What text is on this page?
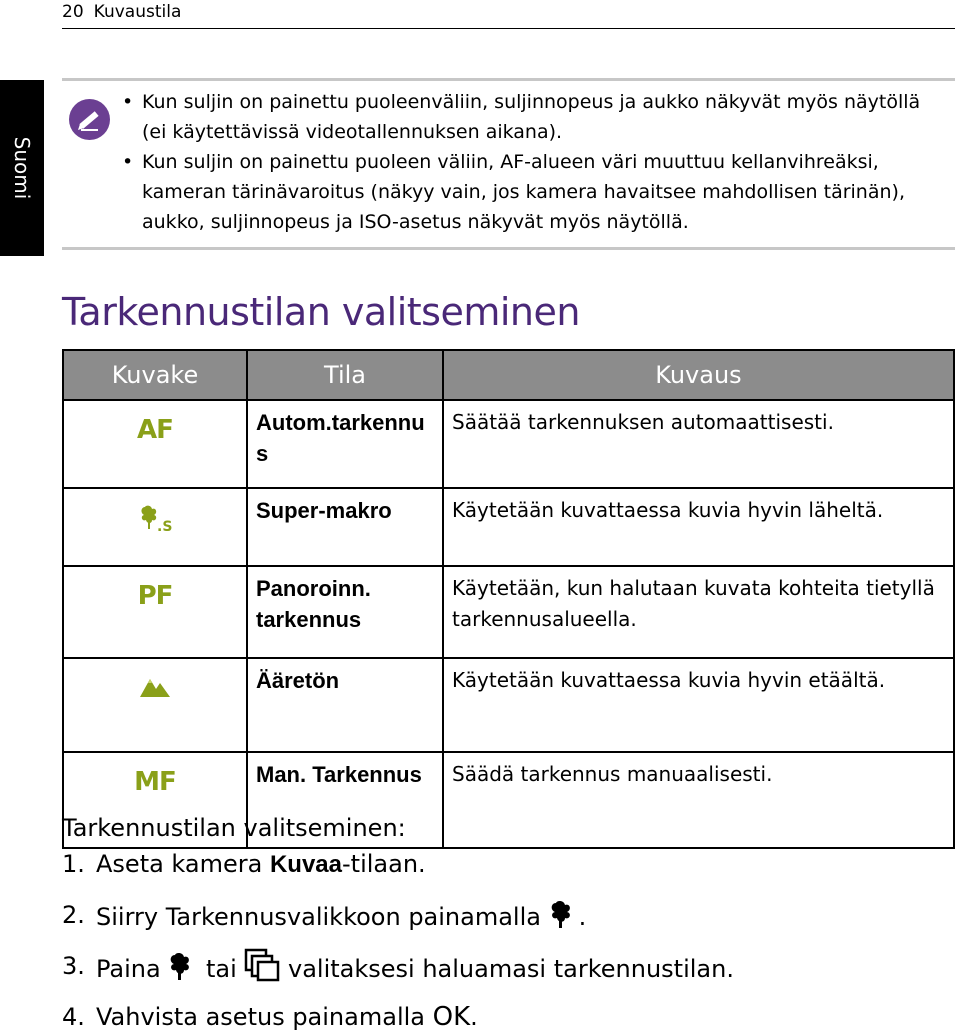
20 Kuvaustila
Suomi
• Kun suljin on painettu puoleenväliin, suljinnopeus ja aukko näkyvät myös näytöllä (ei käytettävissä videotallennuksen aikana).
• Kun suljin on painettu puoleen väliin, AF-alueen väri muuttuu kellanvihreäksi, kameran tärinävaroitus (näkyy vain, jos kamera havaitsee mahdollisen tärinän), aukko, suljinnopeus ja ISO-asetus näkyvät myös näytöllä.
Tarkennustilan valitseminen
Kuvake	Tila	Kuvaus
AF	Autom.tarkennus	Säätää tarkennuksen automaattisesti.

.S	Super-makro	Käytetään kuvattaessa kuvia hyvin läheltä.
PF	Panoroinn. tarkennus	Käytetään, kun halutaan kuvata kohteita tietyllä tarkennusalueella.
	Ääretön	Käytetään kuvattaessa kuvia hyvin etäältä.
MF	Man. Tarkennus	Säädä tarkennus manuaalisesti.
Tarkennustilan valitseminen:
1. Aseta kamera Kuvaa-tilaan.
2. Siirry Tarkennusvalikkoon painamalla .
3. Paina  tai  valitaksesi haluamasi tarkennustilan.
4. Vahvista asetus painamalla OK.
